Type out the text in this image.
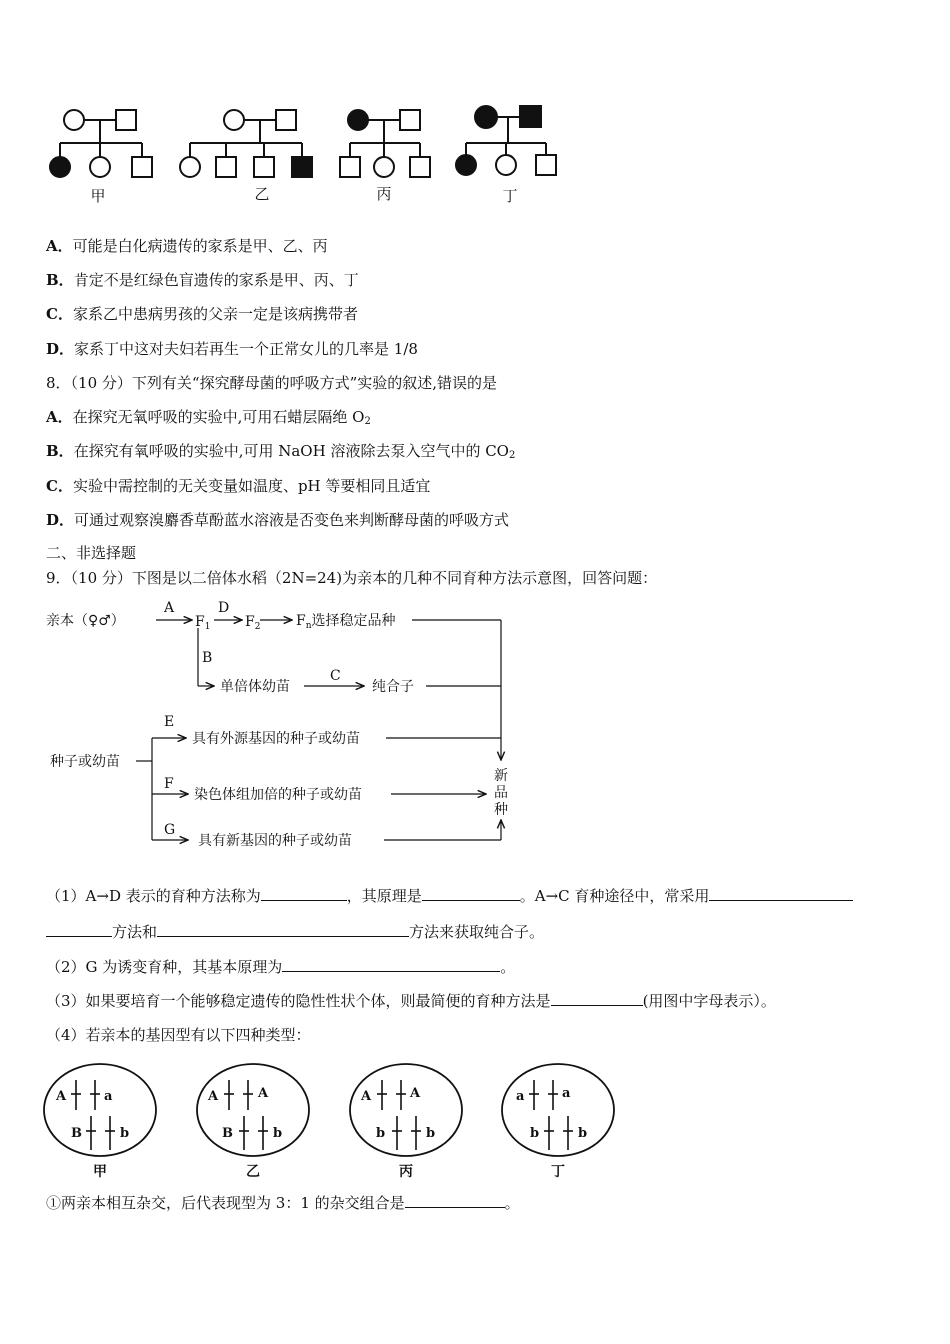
甲	乙	丙	丁
A．可能是白化病遗传的家系是甲、乙、丙
B．肯定不是红绿色盲遗传的家系是甲、丙、丁
C．家系乙中患病男孩的父亲一定是该病携带者
D．家系丁中这对夫妇若再生一个正常女儿的几率是 1/8
8．（10 分）下列有关“探究酵母菌的呼吸方式”实验的叙述,错误的是
A．在探究无氧呼吸的实验中,可用石蜡层隔绝 $O_2$
B．在探究有氧呼吸的实验中,可用 NaOH 溶液除去泵入空气中的 $CO_2$
C．实验中需控制的无关变量如温度、pH 等要相同且适宜
D．可通过观察溴麝香草酚蓝水溶液是否变色来判断酵母菌的呼吸方式
二、非选择题
9．（10 分）下图是以二倍体水稻（2N=24)为亲本的几种不同育种方法示意图，回答问题：
亲本（♀♂）
A
$F_1$
D
$F_2$	$F_n$选择稳定品种
B
单倍体幼苗
C
纯合子
种子或幼苗
E
具有外源基因的种子或幼苗
F
染色体组加倍的种子或幼苗
G
具有新基因的种子或幼苗
新
品
种
（1）A→D 表示的育种方法称为	，其原理是	。A→C 育种途径中，常采用
方法和	方法来获取纯合子。
（2）G 为诱变育种，其基本原理为	。
（3）如果要培育一个能够稳定遗传的隐性性状个体，则最简便的育种方法是	(用图中字母表示）。
（4）若亲本的基因型有以下四种类型：
A	a
B	b
A	A
B	b
A	A
b	b
a	a
b	b
甲	乙	丙	丁
①两亲本相互杂交，后代表现型为 3：1 的杂交组合是	。
